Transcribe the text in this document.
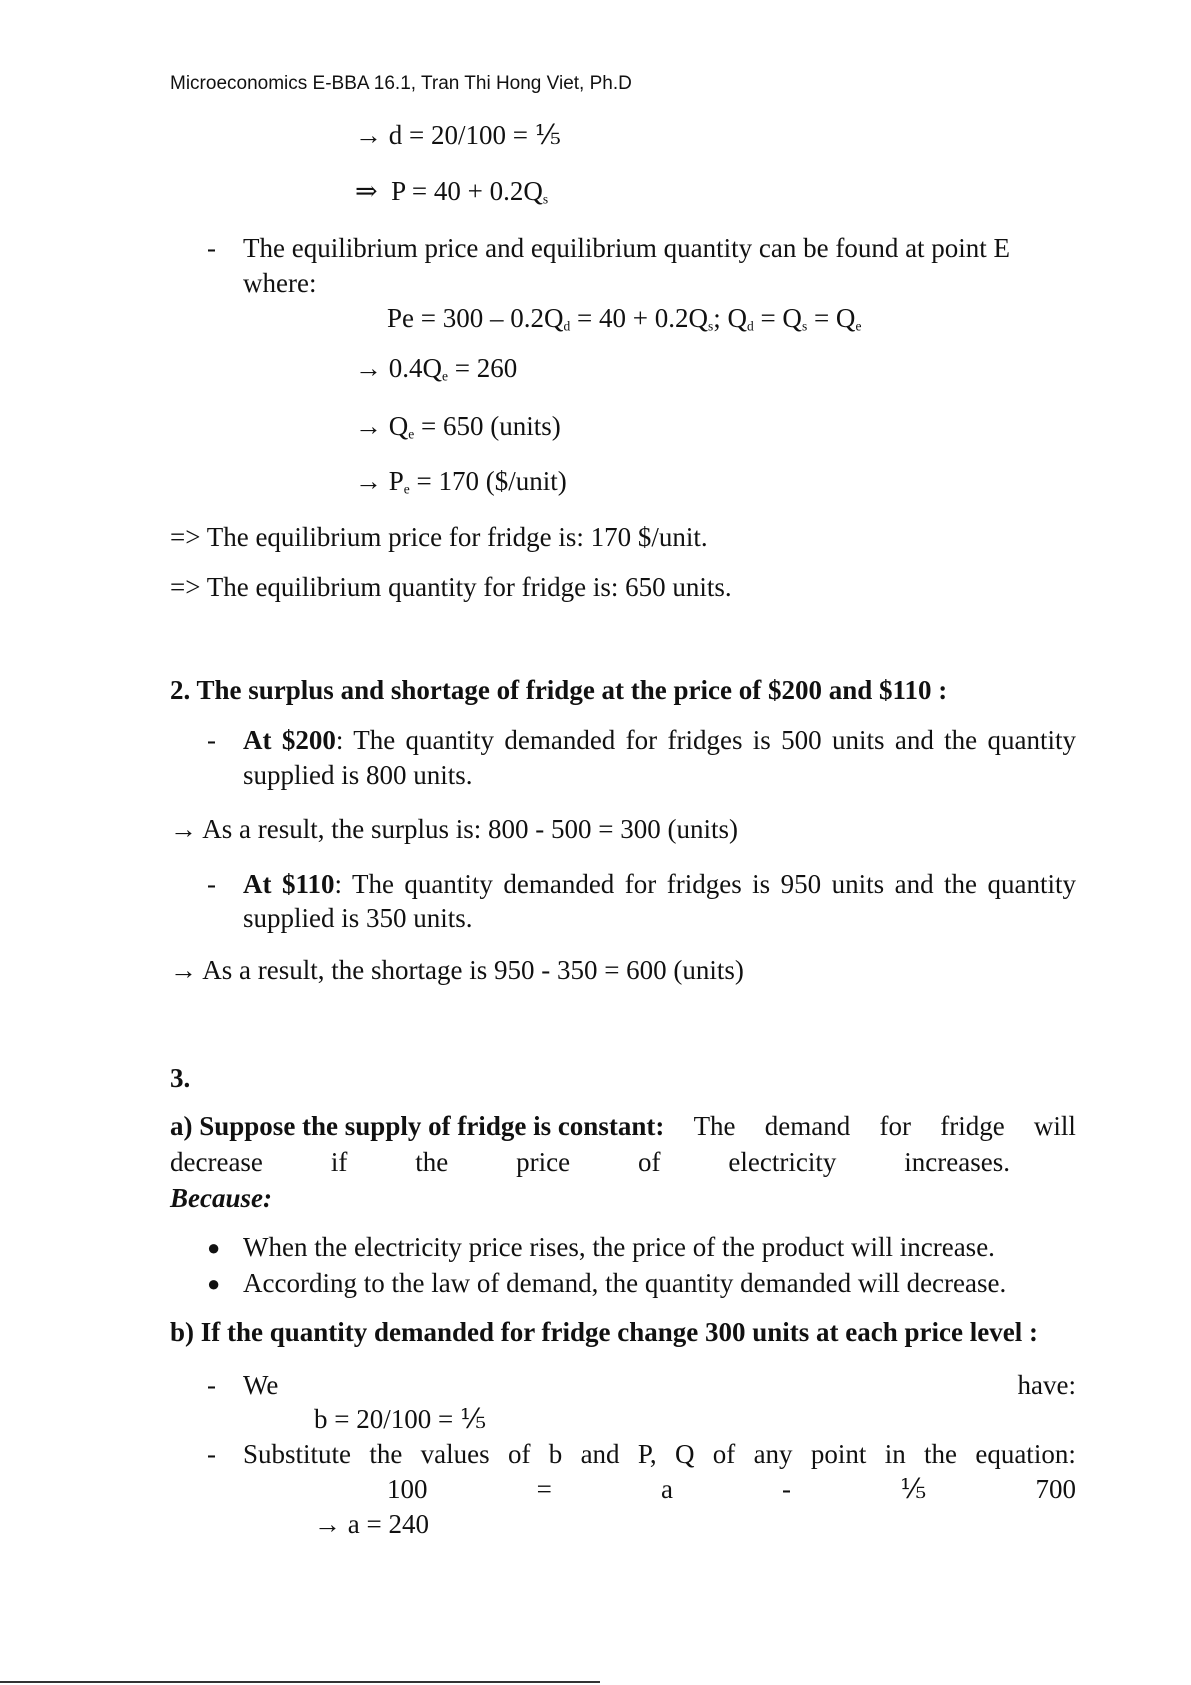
Microeconomics E-BBA 16.1, Tran Thi Hong Viet, Ph.D
→ d = 20/100 = ⅕
⇒ $P = 40 + 0.2Q_s$
- The equilibrium price and equilibrium quantity can be found at point E
where:
$Pe = 300 - 0.2Q_d = 40 + 0.2Q_s$; $Q_d = Q_s = Q_e$
→ $0.4Q_e = 260$
→ $Q_e = 650$ (units)
→ $P_e = 170$ ($/unit)
=> The equilibrium price for fridge is: 170 $/unit.
=> The equilibrium quantity for fridge is: 650 units.
2. The surplus and shortage of fridge at the price of $200 and $110 :
- At $200: The quantity demanded for fridges is 500 units and the quantity
supplied is 800 units.
→ As a result, the surplus is: 800 - 500 = 300 (units)
- At $110: The quantity demanded for fridges is 950 units and the quantity
supplied is 350 units.
→ As a result, the shortage is 950 - 350 = 600 (units)
3.
a) Suppose the supply of fridge is constant: The demand for fridge will
decrease	if	the	price	of	electricity	increases.
Because:
● When the electricity price rises, the price of the product will increase.
● According to the law of demand, the quantity demanded will decrease.
b) If the quantity demanded for fridge change 300 units at each price level :
- We	have:
b = 20/100 = ⅕
- Substitute the values of b and P, Q of any point in the equation:
100	=	a	-	⅕	700
→ a = 240
